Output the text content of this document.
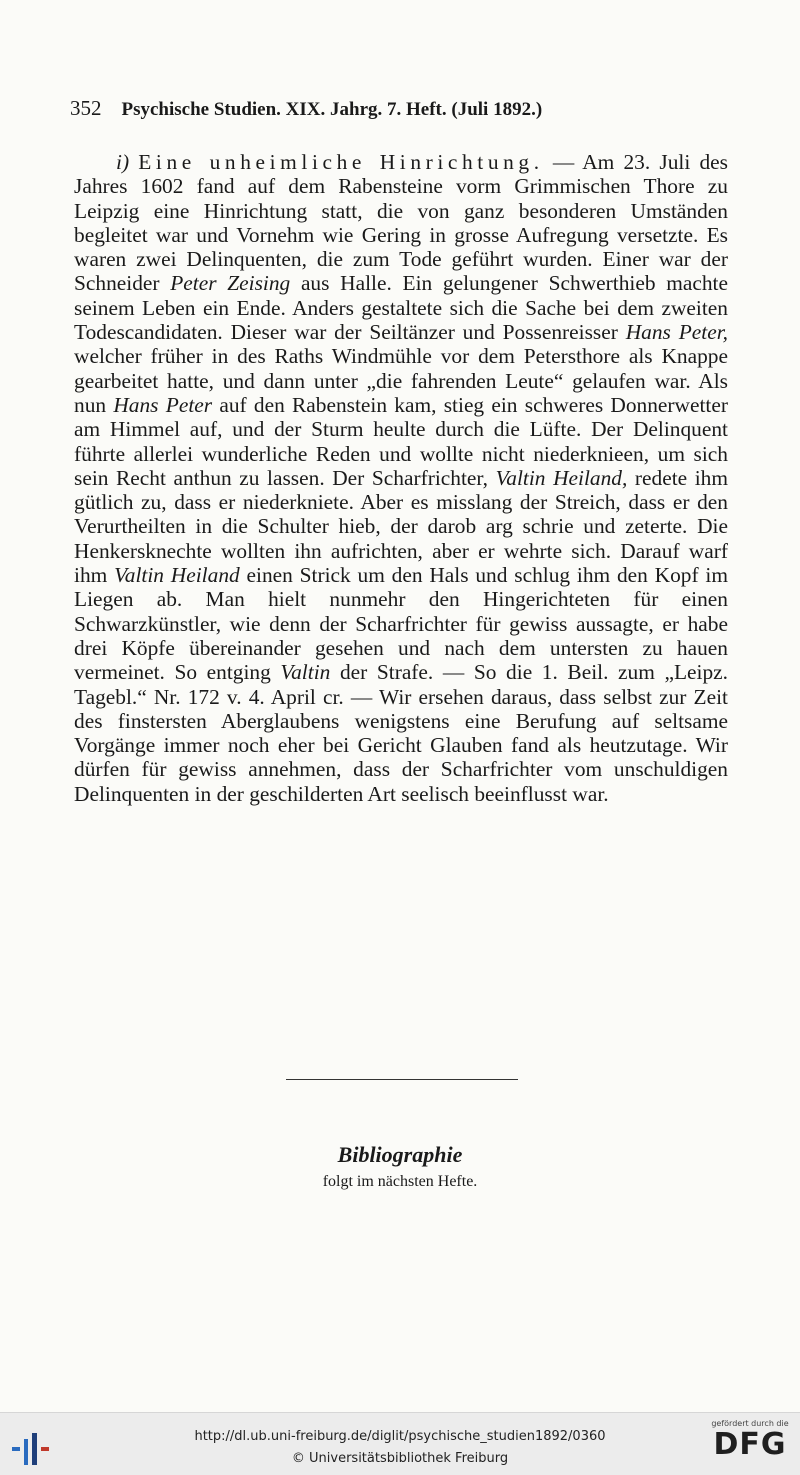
352 Psychische Studien. XIX. Jahrg. 7. Heft. (Juli 1892.)

i) Eine unheimliche Hinrichtung. — Am 23. Juli des Jahres 1602 fand auf dem Rabensteine vorm Grimmischen Thore zu Leipzig eine Hinrichtung statt, die von ganz besonderen Umständen begleitet war und Vornehm wie Gering in grosse Aufregung versetzte. Es waren zwei Delinquenten, die zum Tode geführt wurden. Einer war der Schneider Peter Zeising aus Halle. Ein gelungener Schwerthieb machte seinem Leben ein Ende. Anders gestaltete sich die Sache bei dem zweiten Todescandidaten. Dieser war der Seiltänzer und Possenreisser Hans Peter, welcher früher in des Raths Windmühle vor dem Petersthore als Knappe gearbeitet hatte, und dann unter „die fahrenden Leute“ gelaufen war. Als nun Hans Peter auf den Rabenstein kam, stieg ein schweres Donnerwetter am Himmel auf, und der Sturm heulte durch die Lüfte. Der Delinquent führte allerlei wunderliche Reden und wollte nicht niederknieen, um sich sein Recht anthun zu lassen. Der Scharfrichter, Valtin Heiland, redete ihm gütlich zu, dass er niederkniete. Aber es misslang der Streich, dass er den Verurtheilten in die Schulter hieb, der darob arg schrie und zeterte. Die Henkersknechte wollten ihn aufrichten, aber er wehrte sich. Darauf warf ihm Valtin Heiland einen Strick um den Hals und schlug ihm den Kopf im Liegen ab. Man hielt nunmehr den Hingerichteten für einen Schwarzkünstler, wie denn der Scharfrichter für gewiss aussagte, er habe drei Köpfe übereinander gesehen und nach dem untersten zu hauen vermeinet. So entging Valtin der Strafe. — So die 1. Beil. zum „Leipz. Tagebl.“ Nr. 172 v. 4. April cr. — Wir ersehen daraus, dass selbst zur Zeit des finstersten Aberglaubens wenigstens eine Berufung auf seltsame Vorgänge immer noch eher bei Gericht Glauben fand als heutzutage. Wir dürfen für gewiss annehmen, dass der Scharfrichter vom unschuldigen Delinquenten in der geschilderten Art seelisch beeinflusst war.

Bibliographie
folgt im nächsten Hefte.
http://dl.ub.uni-freiburg.de/diglit/psychische_studien1892/0360
© Universitätsbibliothek Freiburg
gefördert durch die
DFG
